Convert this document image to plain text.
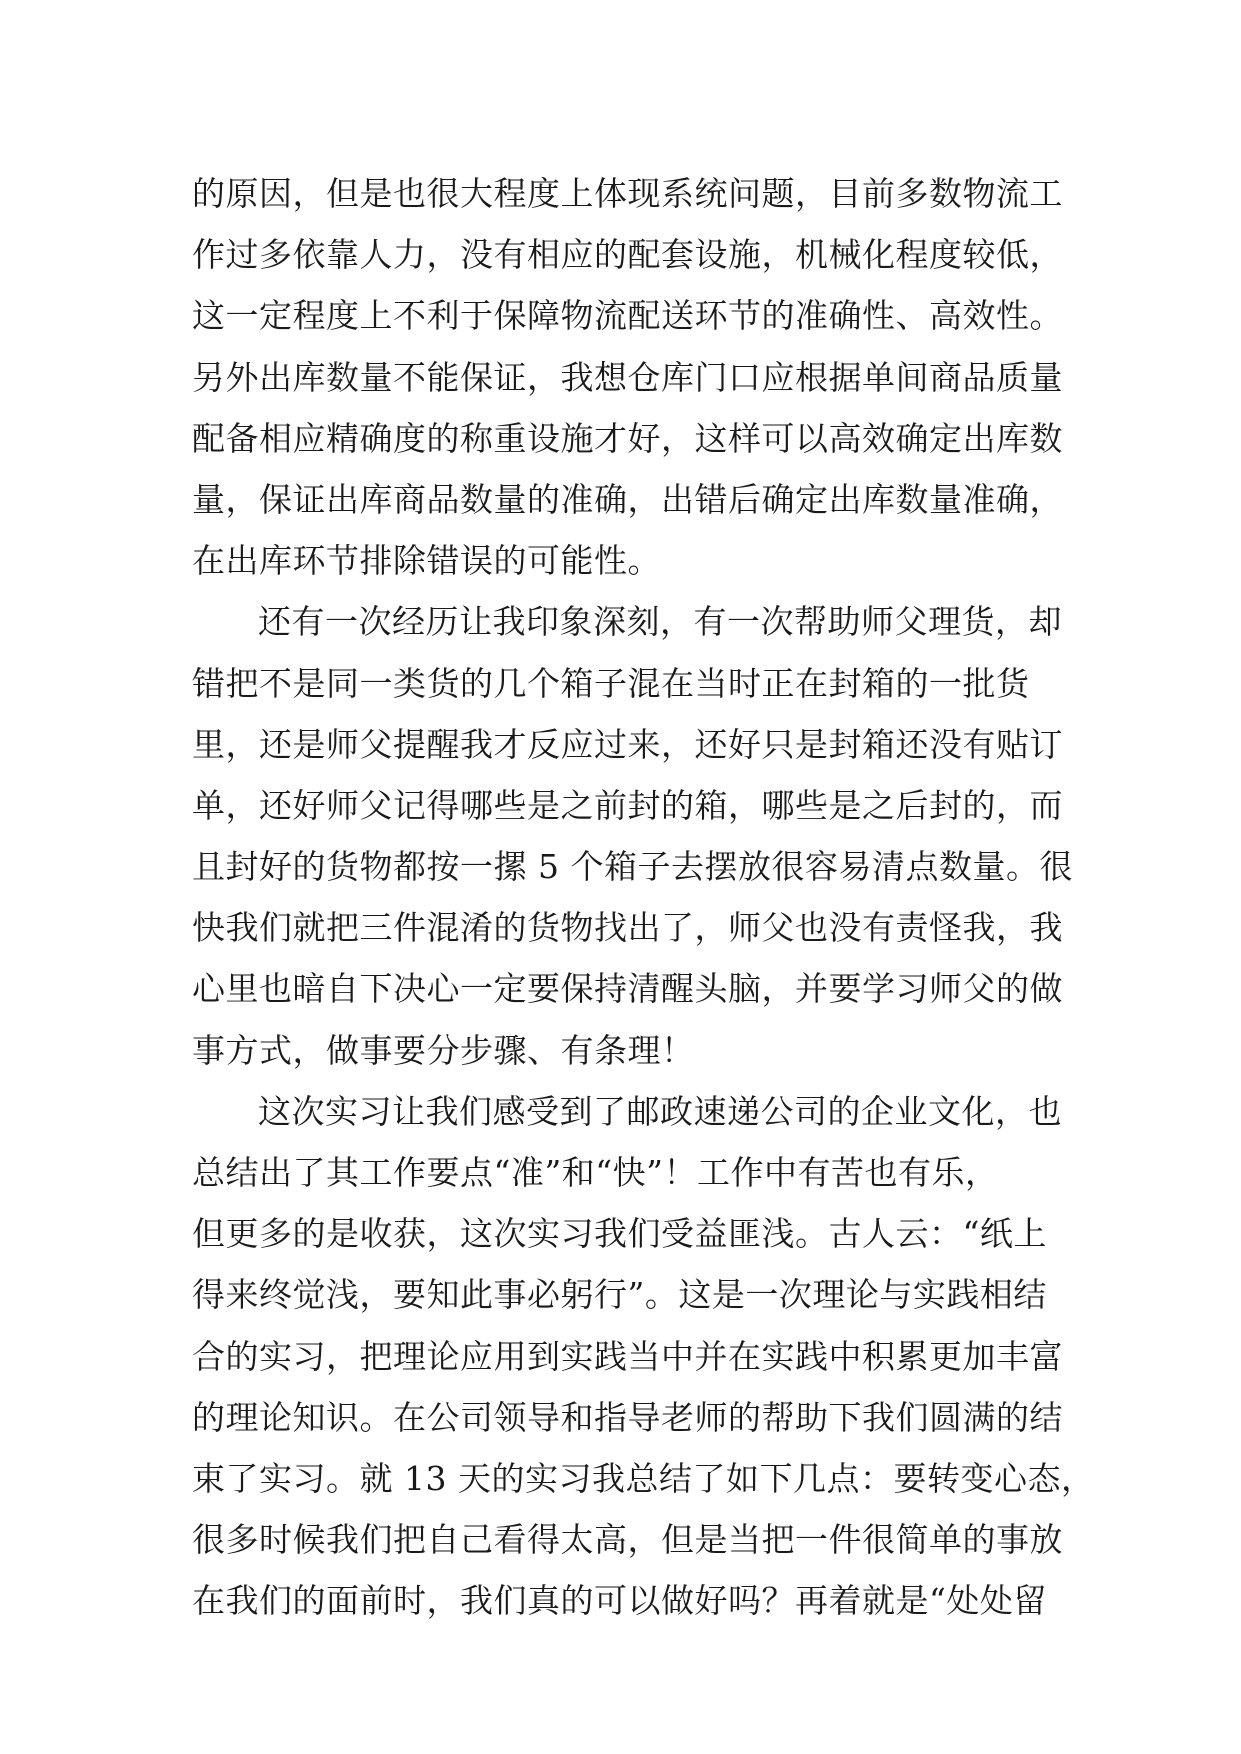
的原因，但是也很大程度上体现系统问题，目前多数物流工
作过多依靠人力，没有相应的配套设施，机械化程度较低，
这一定程度上不利于保障物流配送环节的准确性、高效性。
另外出库数量不能保证，我想仓库门口应根据单间商品质量
配备相应精确度的称重设施才好，这样可以高效确定出库数
量，保证出库商品数量的准确，出错后确定出库数量准确，
在出库环节排除错误的可能性。
还有一次经历让我印象深刻，有一次帮助师父理货，却
错把不是同一类货的几个箱子混在当时正在封箱的一批货
里，还是师父提醒我才反应过来，还好只是封箱还没有贴订
单，还好师父记得哪些是之前封的箱，哪些是之后封的，而
且封好的货物都按一摞 5 个箱子去摆放很容易清点数量。很
快我们就把三件混淆的货物找出了，师父也没有责怪我，我
心里也暗自下决心一定要保持清醒头脑，并要学习师父的做
事方式，做事要分步骤、有条理！
这次实习让我们感受到了邮政速递公司的企业文化，也
总结出了其工作要点“准”和“快”！工作中有苦也有乐，
但更多的是收获，这次实习我们受益匪浅。古人云：“纸上
得来终觉浅，要知此事必躬行”。这是一次理论与实践相结
合的实习，把理论应用到实践当中并在实践中积累更加丰富
的理论知识。在公司领导和指导老师的帮助下我们圆满的结
束了实习。就 13 天的实习我总结了如下几点：要转变心态，
很多时候我们把自己看得太高，但是当把一件很简单的事放
在我们的面前时，我们真的可以做好吗？再着就是“处处留
